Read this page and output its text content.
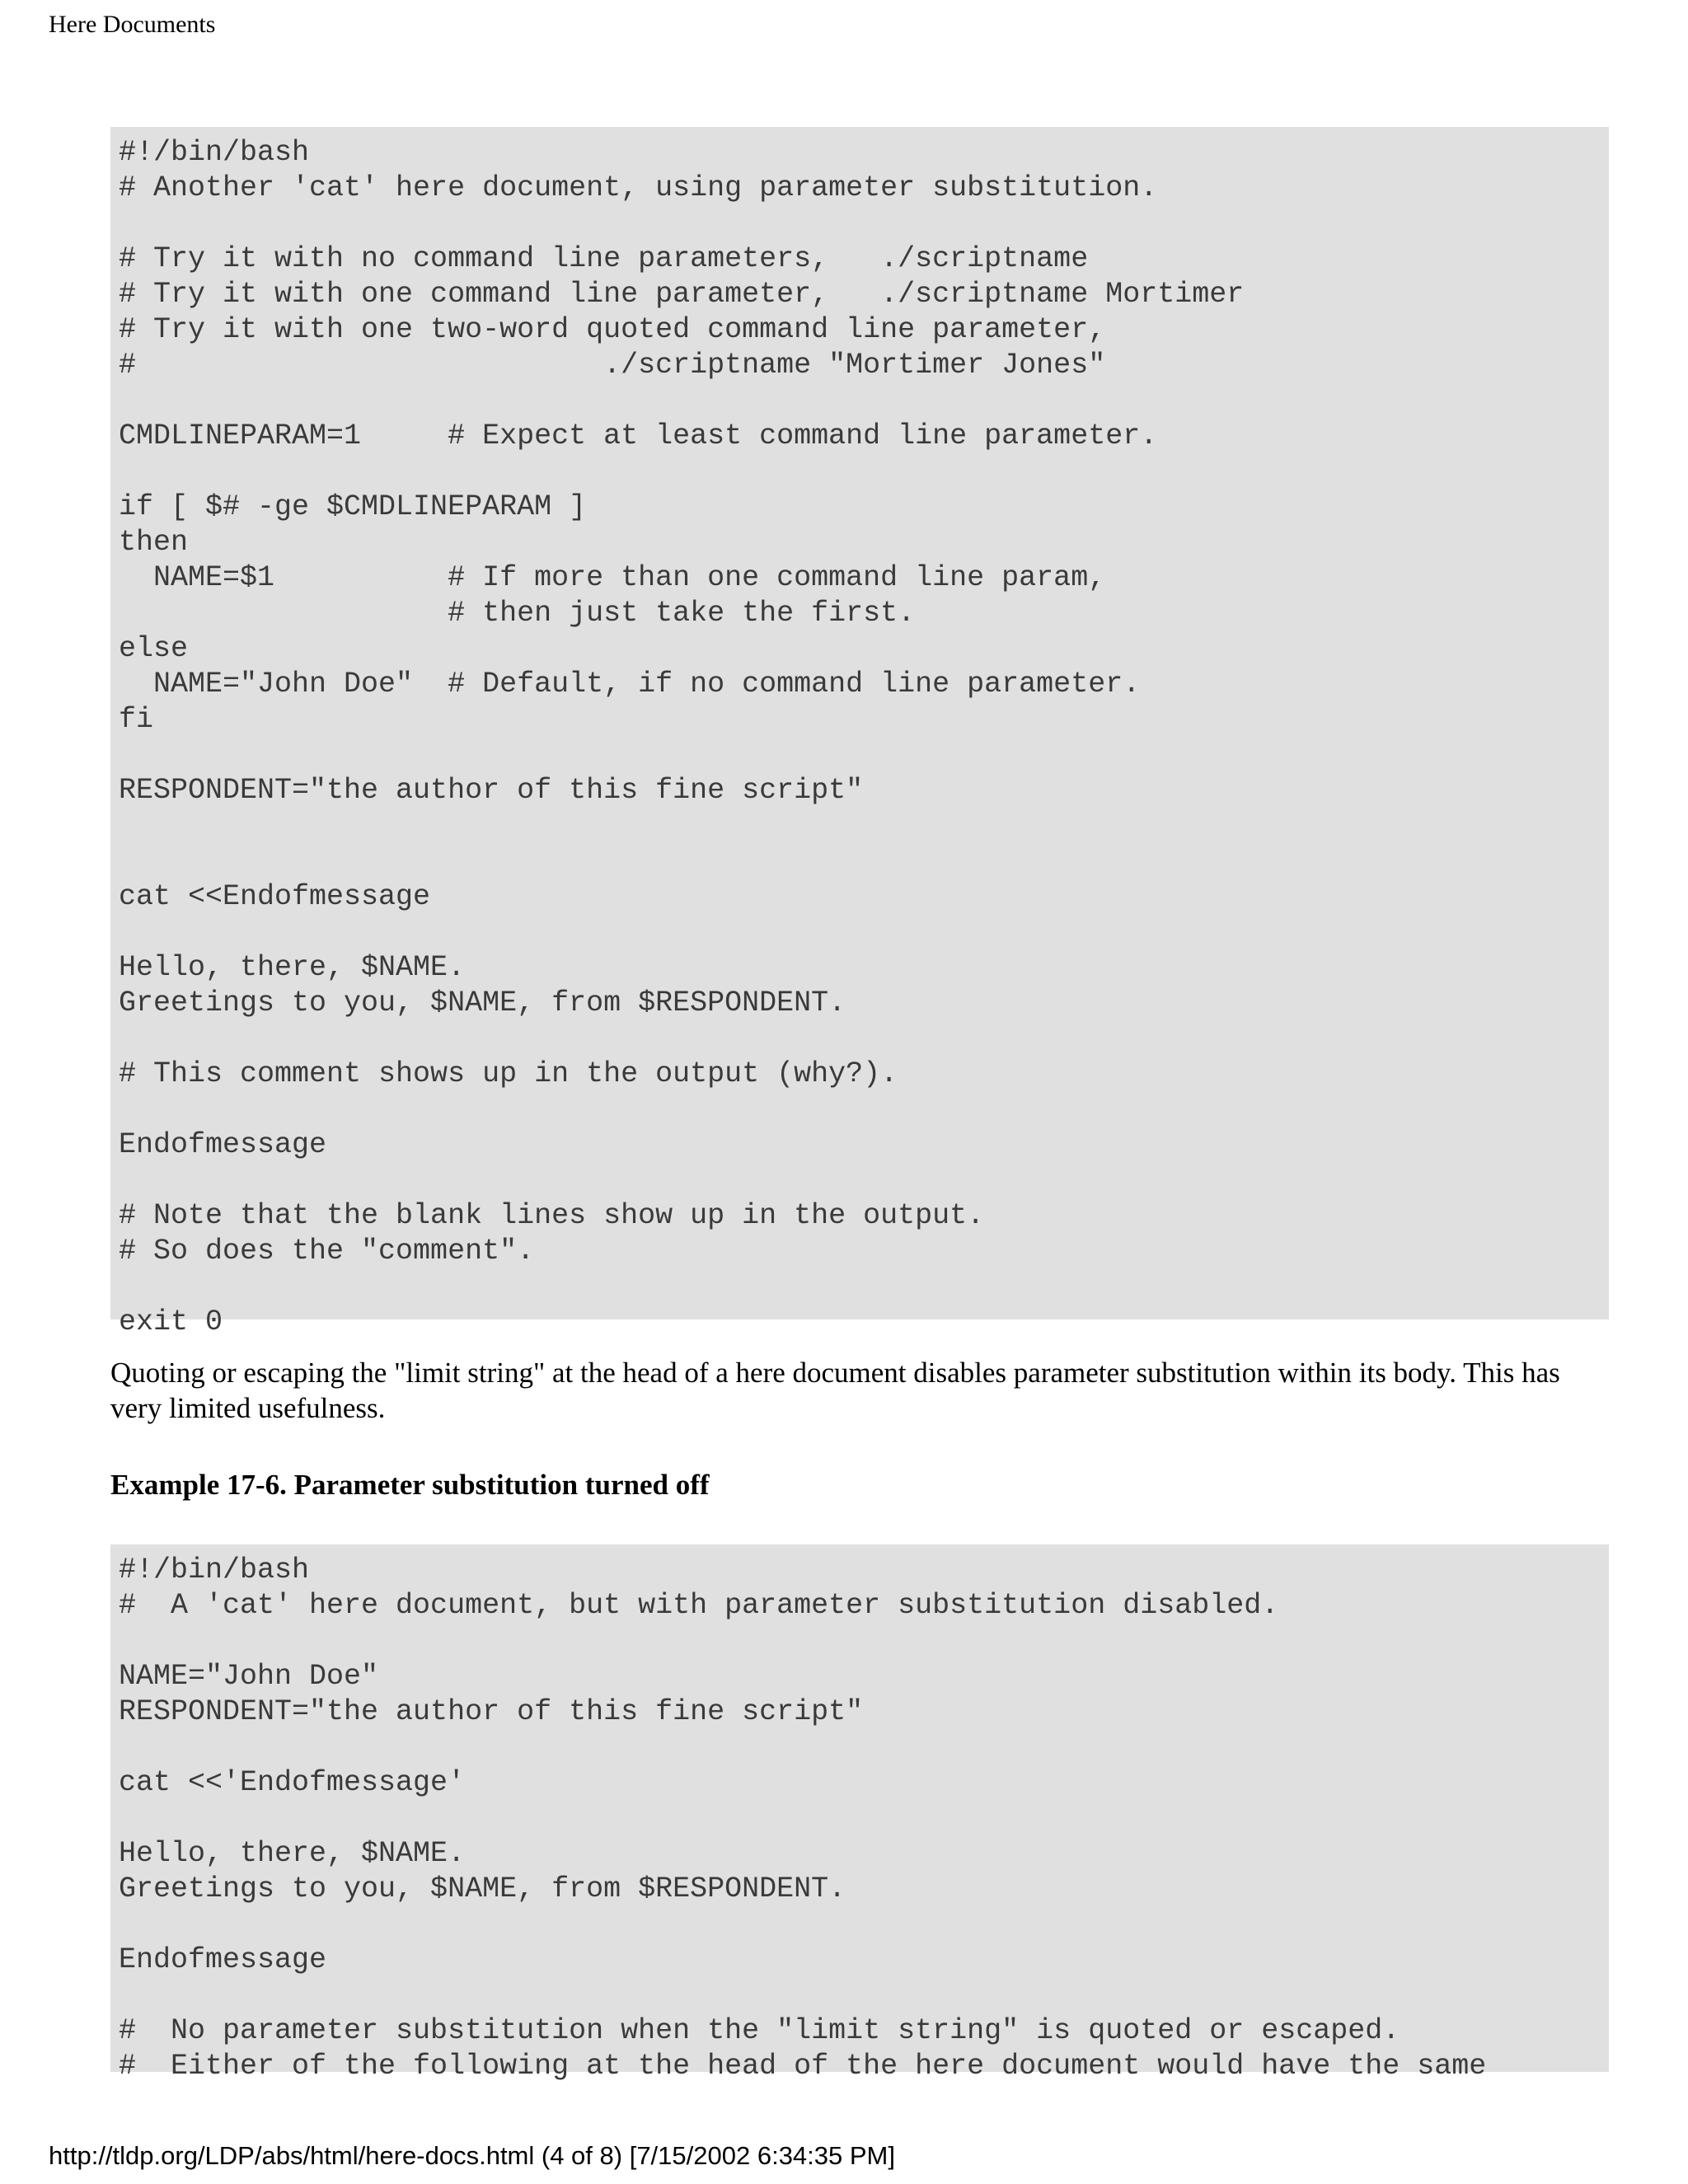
Here Documents
#!/bin/bash
# Another 'cat' here document, using parameter substitution.

# Try it with no command line parameters,   ./scriptname
# Try it with one command line parameter,   ./scriptname Mortimer
# Try it with one two-word quoted command line parameter,
#                           ./scriptname "Mortimer Jones"

CMDLINEPARAM=1     # Expect at least command line parameter.

if [ $# -ge $CMDLINEPARAM ]
then
NAME=$1          # If more than one command line param,
# then just take the first.
else
NAME="John Doe"  # Default, if no command line parameter.
fi

RESPONDENT="the author of this fine script"

cat <<Endofmessage

Hello, there, $NAME.
Greetings to you, $NAME, from $RESPONDENT.

# This comment shows up in the output (why?).

Endofmessage

# Note that the blank lines show up in the output.
# So does the "comment".

exit 0
Quoting or escaping the "limit string" at the head of a here document disables parameter substitution within its body. This has very limited usefulness.
Example 17-6. Parameter substitution turned off
#!/bin/bash
#  A 'cat' here document, but with parameter substitution disabled.

NAME="John Doe"
RESPONDENT="the author of this fine script"

cat <<'Endofmessage'

Hello, there, $NAME.
Greetings to you, $NAME, from $RESPONDENT.

Endofmessage

#  No parameter substitution when the "limit string" is quoted or escaped.
#  Either of the following at the head of the here document would have the same
http://tldp.org/LDP/abs/html/here-docs.html (4 of 8) [7/15/2002 6:34:35 PM]
